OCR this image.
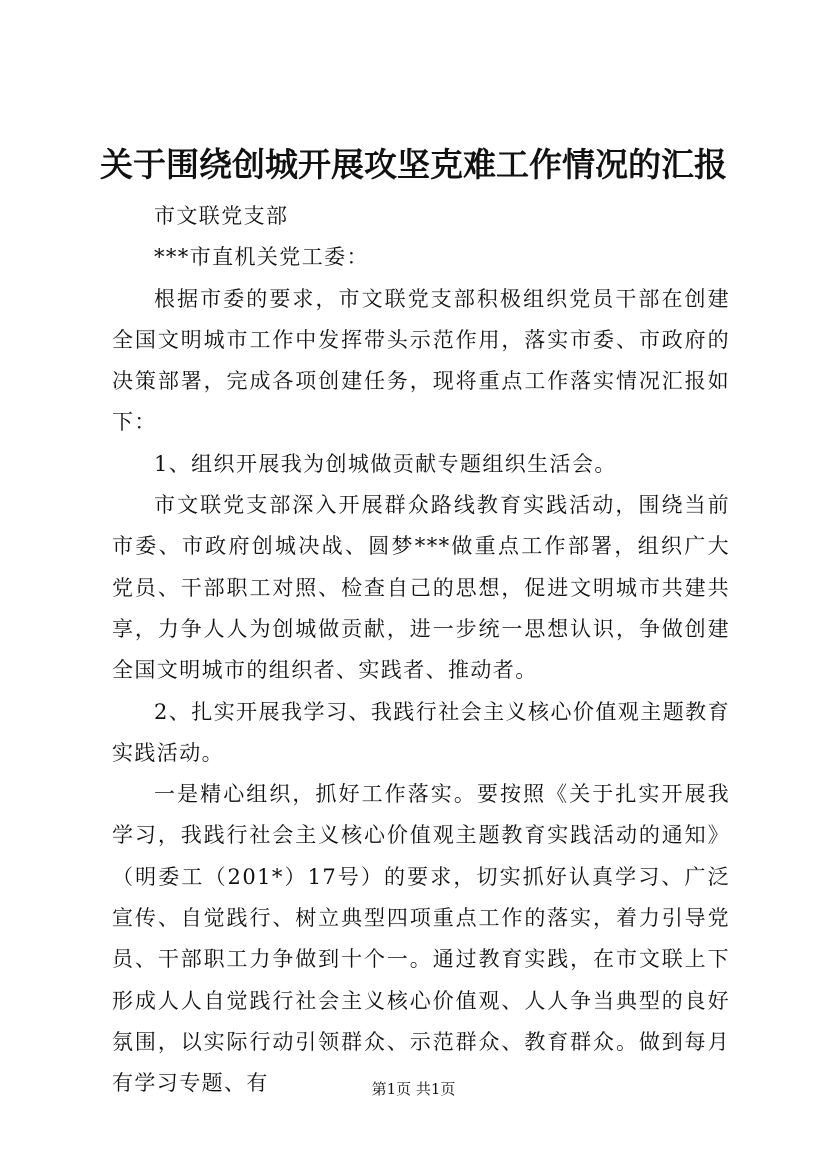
关于围绕创城开展攻坚克难工作情况的汇报

市文联党支部

***市直机关党工委：

根据市委的要求，市文联党支部积极组织党员干部在创建全国文明城市工作中发挥带头示范作用，落实市委、市政府的决策部署，完成各项创建任务，现将重点工作落实情况汇报如下：

1、组织开展我为创城做贡献专题组织生活会。

市文联党支部深入开展群众路线教育实践活动，围绕当前市委、市政府创城决战、圆梦***做重点工作部署，组织广大党员、干部职工对照、检查自己的思想，促进文明城市共建共享，力争人人为创城做贡献，进一步统一思想认识，争做创建全国文明城市的组织者、实践者、推动者。

2、扎实开展我学习、我践行社会主义核心价值观主题教育实践活动。

一是精心组织，抓好工作落实。要按照《关于扎实开展我学习，我践行社会主义核心价值观主题教育实践活动的通知》（明委工（201*）17号）的要求，切实抓好认真学习、广泛宣传、自觉践行、树立典型四项重点工作的落实，着力引导党员、干部职工力争做到十个一。通过教育实践，在市文联上下形成人人自觉践行社会主义核心价值观、人人争当典型的良好氛围，以实际行动引领群众、示范群众、教育群众。做到每月有学习专题、有	第1页 共1页
